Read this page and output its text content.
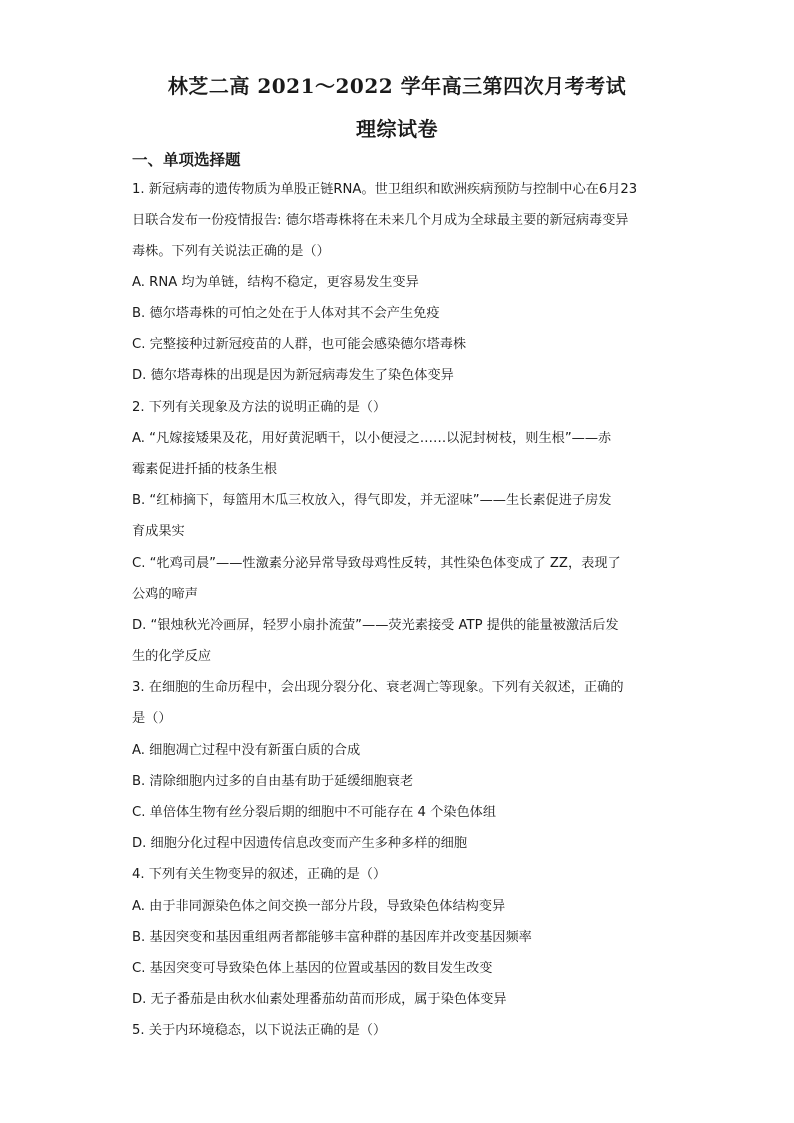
林芝二高 2021～2022 学年高三第四次月考考试
理综试卷
一、单项选择题
1. 新冠病毒的遗传物质为单股正链RNA。世卫组织和欧洲疾病预防与控制中心在6月23
日联合发布一份疫情报告: 德尔塔毒株将在未来几个月成为全球最主要的新冠病毒变异
毒株。下列有关说法正确的是（）
A. RNA 均为单链，结构不稳定，更容易发生变异
B. 德尔塔毒株的可怕之处在于人体对其不会产生免疫
C. 完整接种过新冠疫苗的人群，也可能会感染德尔塔毒株
D. 德尔塔毒株的出现是因为新冠病毒发生了染色体变异
2. 下列有关现象及方法的说明正确的是（）
A. “凡嫁接矮果及花，用好黄泥晒干，以小便浸之……以泥封树枝，则生根”——赤
霉素促进扦插的枝条生根
B. “红柿摘下，每篮用木瓜三枚放入，得气即发，并无涩味”——生长素促进子房发
育成果实
C. “牝鸡司晨”——性激素分泌异常导致母鸡性反转，其性染色体变成了 ZZ，表现了
公鸡的啼声
D. “银烛秋光冷画屏，轻罗小扇扑流萤”——荧光素接受 ATP 提供的能量被激活后发
生的化学反应
3. 在细胞的生命历程中，会出现分裂分化、衰老凋亡等现象。下列有关叙述，正确的
是（）
A. 细胞凋亡过程中没有新蛋白质的合成
B. 清除细胞内过多的自由基有助于延缓细胞衰老
C. 单倍体生物有丝分裂后期的细胞中不可能存在 4 个染色体组
D. 细胞分化过程中因遗传信息改变而产生多种多样的细胞
4. 下列有关生物变异的叙述，正确的是（）
A. 由于非同源染色体之间交换一部分片段，导致染色体结构变异
B. 基因突变和基因重组两者都能够丰富种群的基因库并改变基因频率
C. 基因突变可导致染色体上基因的位置或基因的数目发生改变
D. 无子番茄是由秋水仙素处理番茄幼苗而形成，属于染色体变异
5. 关于内环境稳态，以下说法正确的是（）
